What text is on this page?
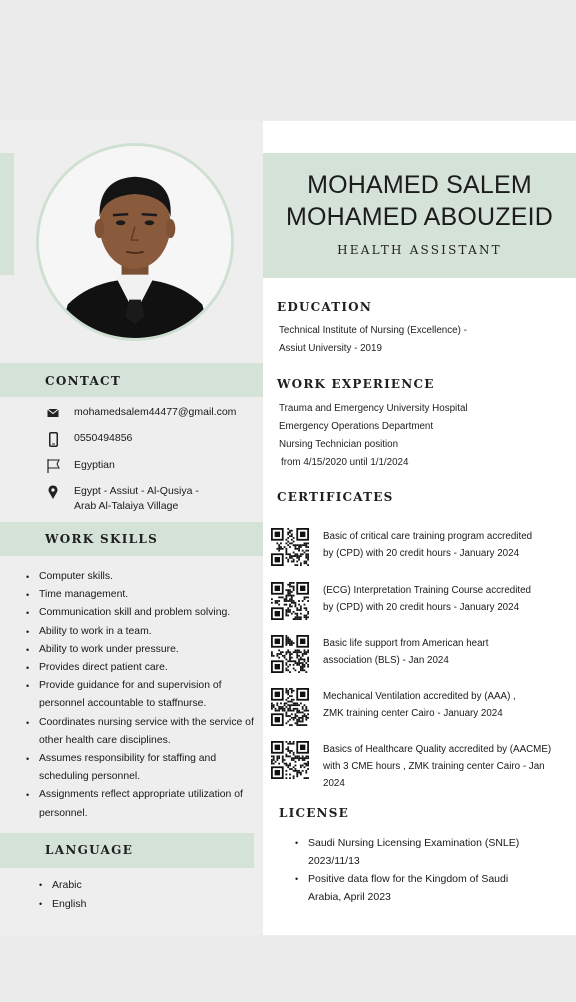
CONTACT
mohamedsalem44477@gmail.com
0550494856
Egyptian
Egypt - Assiut - Al-Qusiya -
Arab Al-Talaiya Village
WORK SKILLS
• Computer skills.
• Time management.
• Communication skill and problem solving.
• Ability to work in a team.
• Ability to work under pressure.
• Provides direct patient care.
• Provide guidance for and supervision of personnel accountable to staffnurse.
• Coordinates nursing service with the service of other health care disciplines.
• Assumes responsibility for staffing and scheduling personnel.
• Assignments reflect appropriate utilization of personnel.
LANGUAGE
• Arabic
• English
MOHAMED SALEM
MOHAMED ABOUZEID
HEALTH ASSISTANT
EDUCATION
Technical Institute of Nursing (Excellence) -
Assiut University - 2019
WORK EXPERIENCE
Trauma and Emergency University Hospital
Emergency Operations Department
Nursing Technician position
from 4/15/2020 until 1/1/2024
CERTIFICATES
Basic of critical care training program accredited
by (CPD) with 20 credit hours - January 2024
(ECG) Interpretation Training Course accredited
by (CPD) with 20 credit hours - January 2024
Basic life support from American heart
association (BLS) - Jan 2024
Mechanical Ventilation accredited by (AAA) ,
ZMK training center Cairo - January 2024
Basics of Healthcare Quality accredited by (AACME)
with 3 CME hours , ZMK training center Cairo - Jan
2024
LICENSE
• Saudi Nursing Licensing Examination (SNLE)
2023/11/13
• Positive data flow for the Kingdom of Saudi
Arabia, April 2023
